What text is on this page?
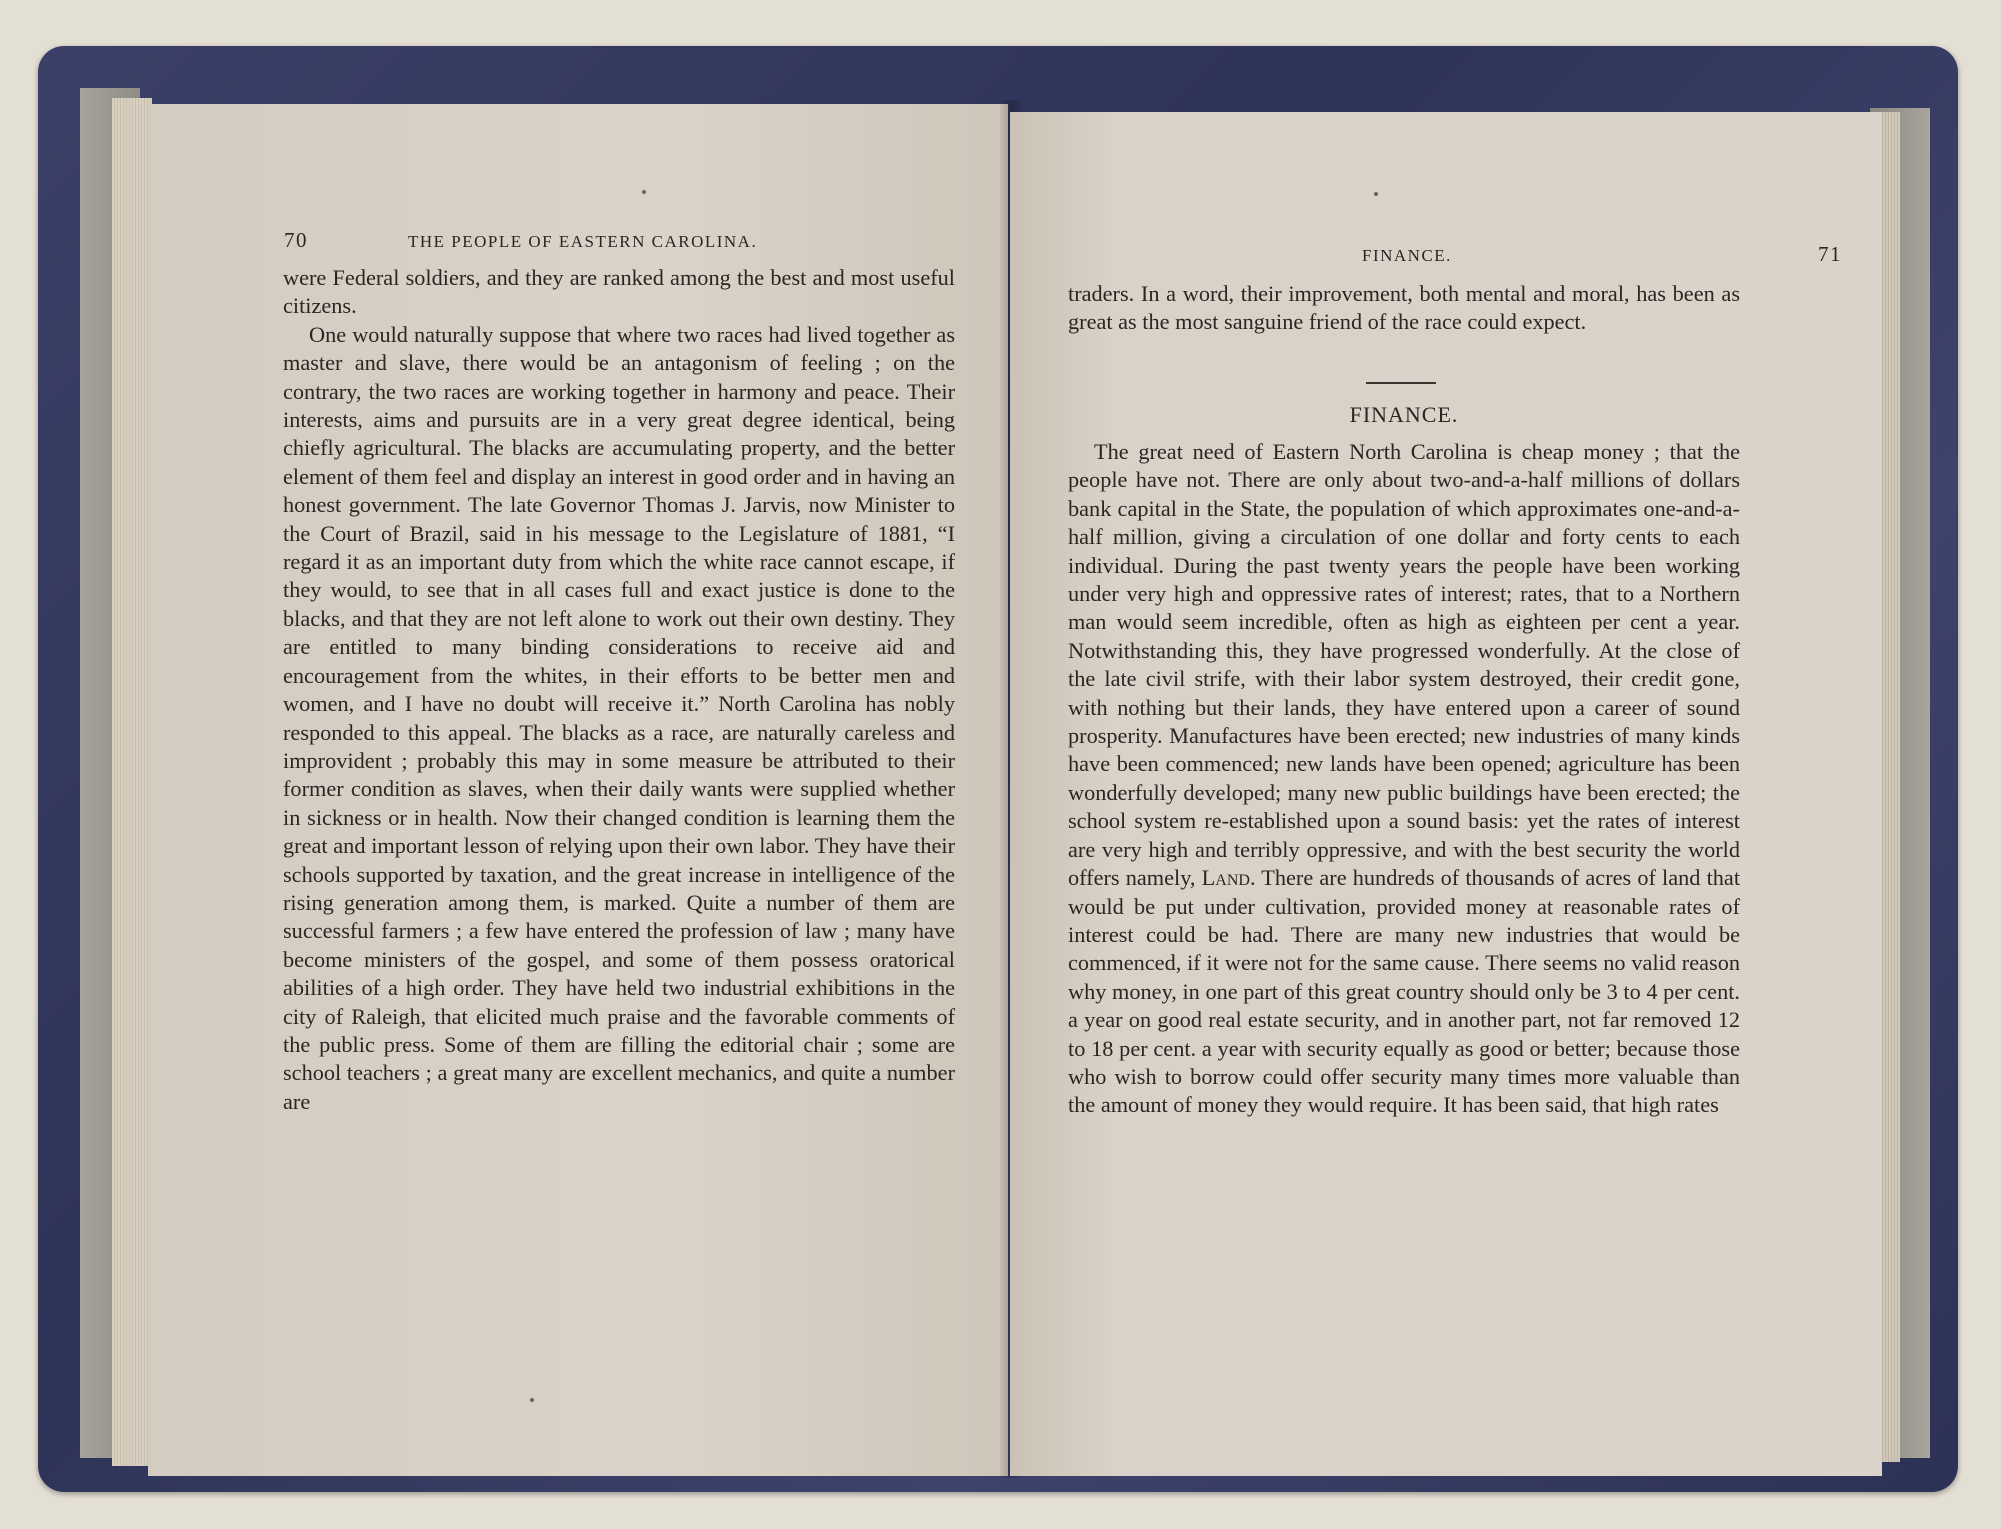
70	THE PEOPLE OF EASTERN CAROLINA.

were Federal soldiers, and they are ranked among the best and most useful citizens.

One would naturally suppose that where two races had lived together as master and slave, there would be an antagonism of feeling ; on the contrary, the two races are working together in harmony and peace. Their interests, aims and pursuits are in a very great degree identical, being chiefly agricultural. The blacks are accumulating property, and the better element of them feel and display an interest in good order and in having an honest government. The late Governor Thomas J. Jarvis, now Minister to the Court of Brazil, said in his message to the Legislature of 1881, “I regard it as an important duty from which the white race cannot escape, if they would, to see that in all cases full and exact justice is done to the blacks, and that they are not left alone to work out their own destiny. They are entitled to many binding considerations to receive aid and encouragement from the whites, in their efforts to be better men and women, and I have no doubt will receive it.” North Carolina has nobly responded to this appeal. The blacks as a race, are naturally careless and improvident ; probably this may in some measure be attributed to their former condition as slaves, when their daily wants were supplied whether in sickness or in health. Now their changed condition is learning them the great and important lesson of relying upon their own labor. They have their schools supported by taxation, and the great increase in intelligence of the rising generation among them, is marked. Quite a number of them are successful farmers ; a few have entered the profession of law ; many have become ministers of the gospel, and some of them possess oratorical abilities of a high order. They have held two industrial exhibitions in the city of Raleigh, that elicited much praise and the favorable comments of the public press. Some of them are filling the editorial chair ; some are school teachers ; a great many are excellent mechanics, and quite a number are

FINANCE.	71

traders. In a word, their improvement, both mental and moral, has been as great as the most sanguine friend of the race could expect.

FINANCE.

The great need of Eastern North Carolina is cheap money ; that the people have not. There are only about two-and-a-half millions of dollars bank capital in the State, the population of which approximates one-and-a-half million, giving a circulation of one dollar and forty cents to each individual. During the past twenty years the people have been working under very high and oppressive rates of interest; rates, that to a Northern man would seem incredible, often as high as eighteen per cent a year. Notwithstanding this, they have progressed wonderfully. At the close of the late civil strife, with their labor system destroyed, their credit gone, with nothing but their lands, they have entered upon a career of sound prosperity. Manufactures have been erected; new industries of many kinds have been commenced; new lands have been opened; agriculture has been wonderfully developed; many new public buildings have been erected; the school system re-established upon a sound basis: yet the rates of interest are very high and terribly oppressive, and with the best security the world offers namely, Land. There are hundreds of thousands of acres of land that would be put under cultivation, provided money at reasonable rates of interest could be had. There are many new industries that would be commenced, if it were not for the same cause. There seems no valid reason why money, in one part of this great country should only be 3 to 4 per cent. a year on good real estate security, and in another part, not far removed 12 to 18 per cent. a year with security equally as good or better; because those who wish to borrow could offer security many times more valuable than the amount of money they would require. It has been said, that high rates
